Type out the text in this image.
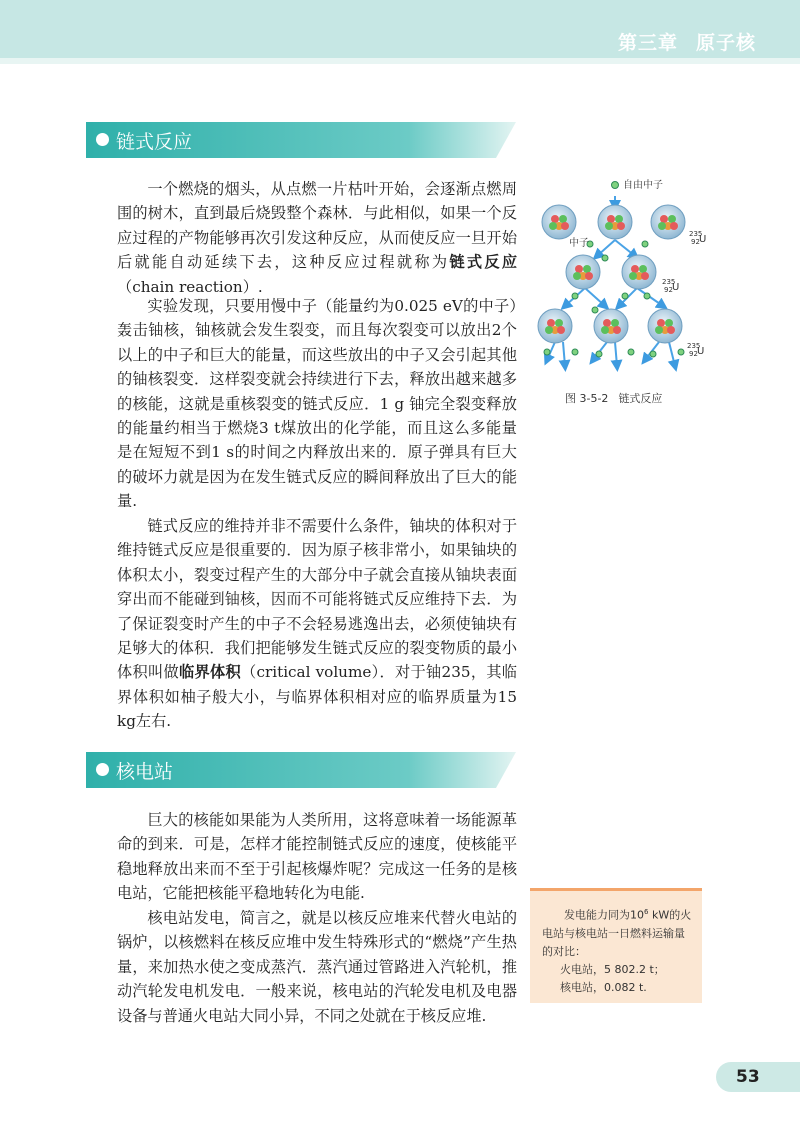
第三章 原子核
链式反应
一个燃烧的烟头，从点燃一片枯叶开始，会逐渐点燃周围的树木，直到最后烧毁整个森林．与此相似，如果一个反应过程的产物能够再次引发这种反应，从而使反应一旦开始后就能自动延续下去，这种反应过程就称为链式反应（chain reaction）.
实验发现，只要用慢中子（能量约为0.025 eV的中子）轰击铀核，铀核就会发生裂变，而且每次裂变可以放出2个以上的中子和巨大的能量，而这些放出的中子又会引起其他的铀核裂变．这样裂变就会持续进行下去，释放出越来越多的核能，这就是重核裂变的链式反应．1 g 铀完全裂变释放的能量约相当于燃烧3 t煤放出的化学能，而且这么多能量是在短短不到1 s的时间之内释放出来的．原子弹具有巨大的破坏力就是因为在发生链式反应的瞬间释放出了巨大的能量.
链式反应的维持并非不需要什么条件，铀块的体积对于维持链式反应是很重要的．因为原子核非常小，如果铀块的体积太小，裂变过程产生的大部分中子就会直接从铀块表面穿出而不能碰到铀核，因而不可能将链式反应维持下去．为了保证裂变时产生的中子不会轻易逃逸出去，必须使铀块有足够大的体积．我们把能够发生链式反应的裂变物质的最小体积叫做临界体积（critical volume）．对于铀235，其临界体积如柚子般大小，与临界体积相对应的临界质量为15 kg左右.
自由中子
中子
235
92 U
235
92 U
235
92 U
图 3-5-2 链式反应
核电站
巨大的核能如果能为人类所用，这将意味着一场能源革命的到来．可是，怎样才能控制链式反应的速度，使核能平稳地释放出来而不至于引起核爆炸呢？完成这一任务的是核电站，它能把核能平稳地转化为电能.
核电站发电，简言之，就是以核反应堆来代替火电站的锅炉，以核燃料在核反应堆中发生特殊形式的“燃烧”产生热量，来加热水使之变成蒸汽．蒸汽通过管路进入汽轮机，推动汽轮发电机发电．一般来说，核电站的汽轮发电机及电器设备与普通火电站大同小异，不同之处就在于核反应堆.

发电能力同为$10^6$ kW的火电站与核电站一日燃料运输量的对比：

火电站，5 802.2 t；

核电站，0.082 t.

53
